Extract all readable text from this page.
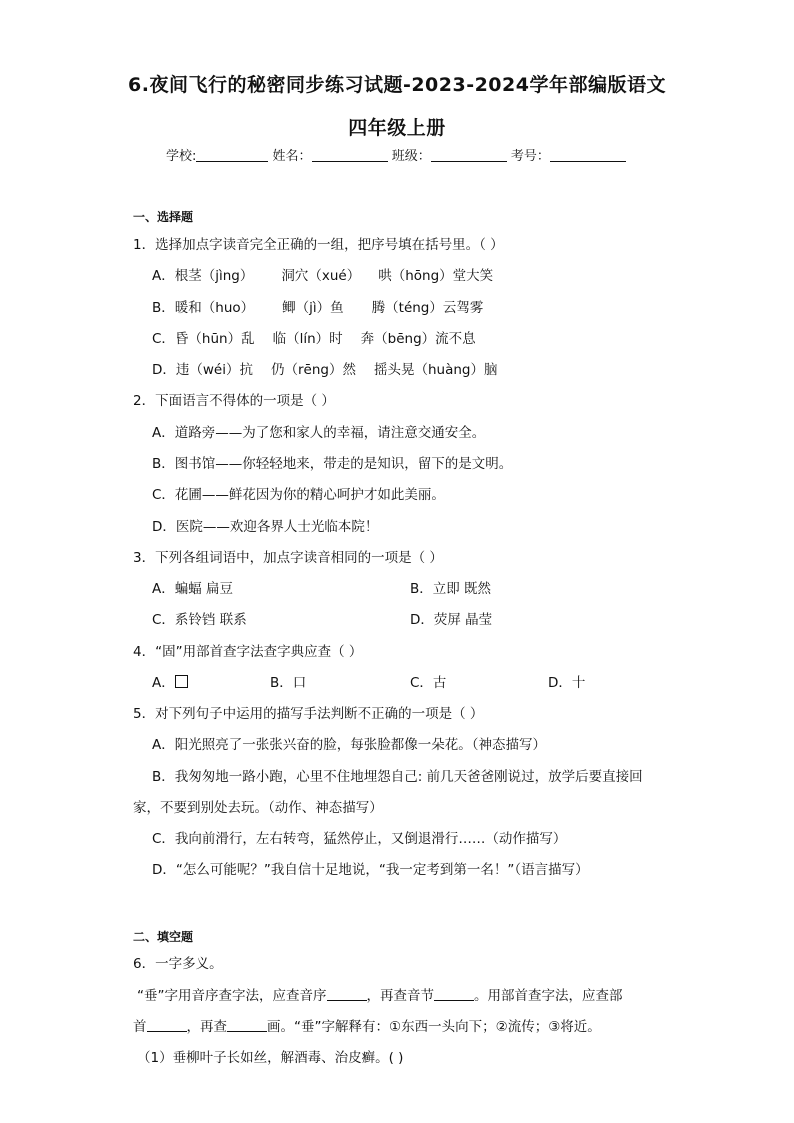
6.夜间飞行的秘密同步练习试题-2023-2024学年部编版语文
四年级上册
学校:	姓名：	班级：	考号：
一、选择题
1．选择加点字读音完全正确的一组，把序号填在括号里。（ ）
A．根茎（jìng） 洞穴（xué） 哄（hōng）堂大笑
B．暖和（huo） 鲫（jì）鱼 腾（téng）云驾雾
C．昏（hūn）乱 临（lín）时 奔（bēng）流不息
D．违（wéi）抗 仍（rēng）然 摇头晃（huàng）脑
2．下面语言不得体的一项是（ ）
A．道路旁——为了您和家人的幸福，请注意交通安全。
B．图书馆——你轻轻地来，带走的是知识，留下的是文明。
C．花圃——鲜花因为你的精心呵护才如此美丽。
D．医院——欢迎各界人士光临本院！
3．下列各组词语中，加点字读音相同的一项是（ ）
A．蝙蝠 扁豆	B．立即 既然
C．系铃铛 联系	D．荧屏 晶莹
4．“固”用部首查字法查字典应查（ ）
A．	B．口	C．古	D．十
5．对下列句子中运用的描写手法判断不正确的一项是（ ）
A．阳光照亮了一张张兴奋的脸，每张脸都像一朵花。（神态描写）
B．我匆匆地一路小跑，心里不住地埋怨自己: 前几天爸爸刚说过，放学后要直接回
家，不要到别处去玩。（动作、神态描写）
C．我向前滑行，左右转弯，猛然停止，又倒退滑行……（动作描写）
D．“怎么可能呢？”我自信十足地说，“我一定考到第一名！”（语言描写）
二、填空题
6．一字多义。
“垂”字用音序查字法，应查音序	，再查音节	。用部首查字法，应查部
首	，再查	画。“垂”字解释有：①东西一头向下；②流传；③将近。
（1）垂柳叶子长如丝，解酒毒、治皮癣。( )
